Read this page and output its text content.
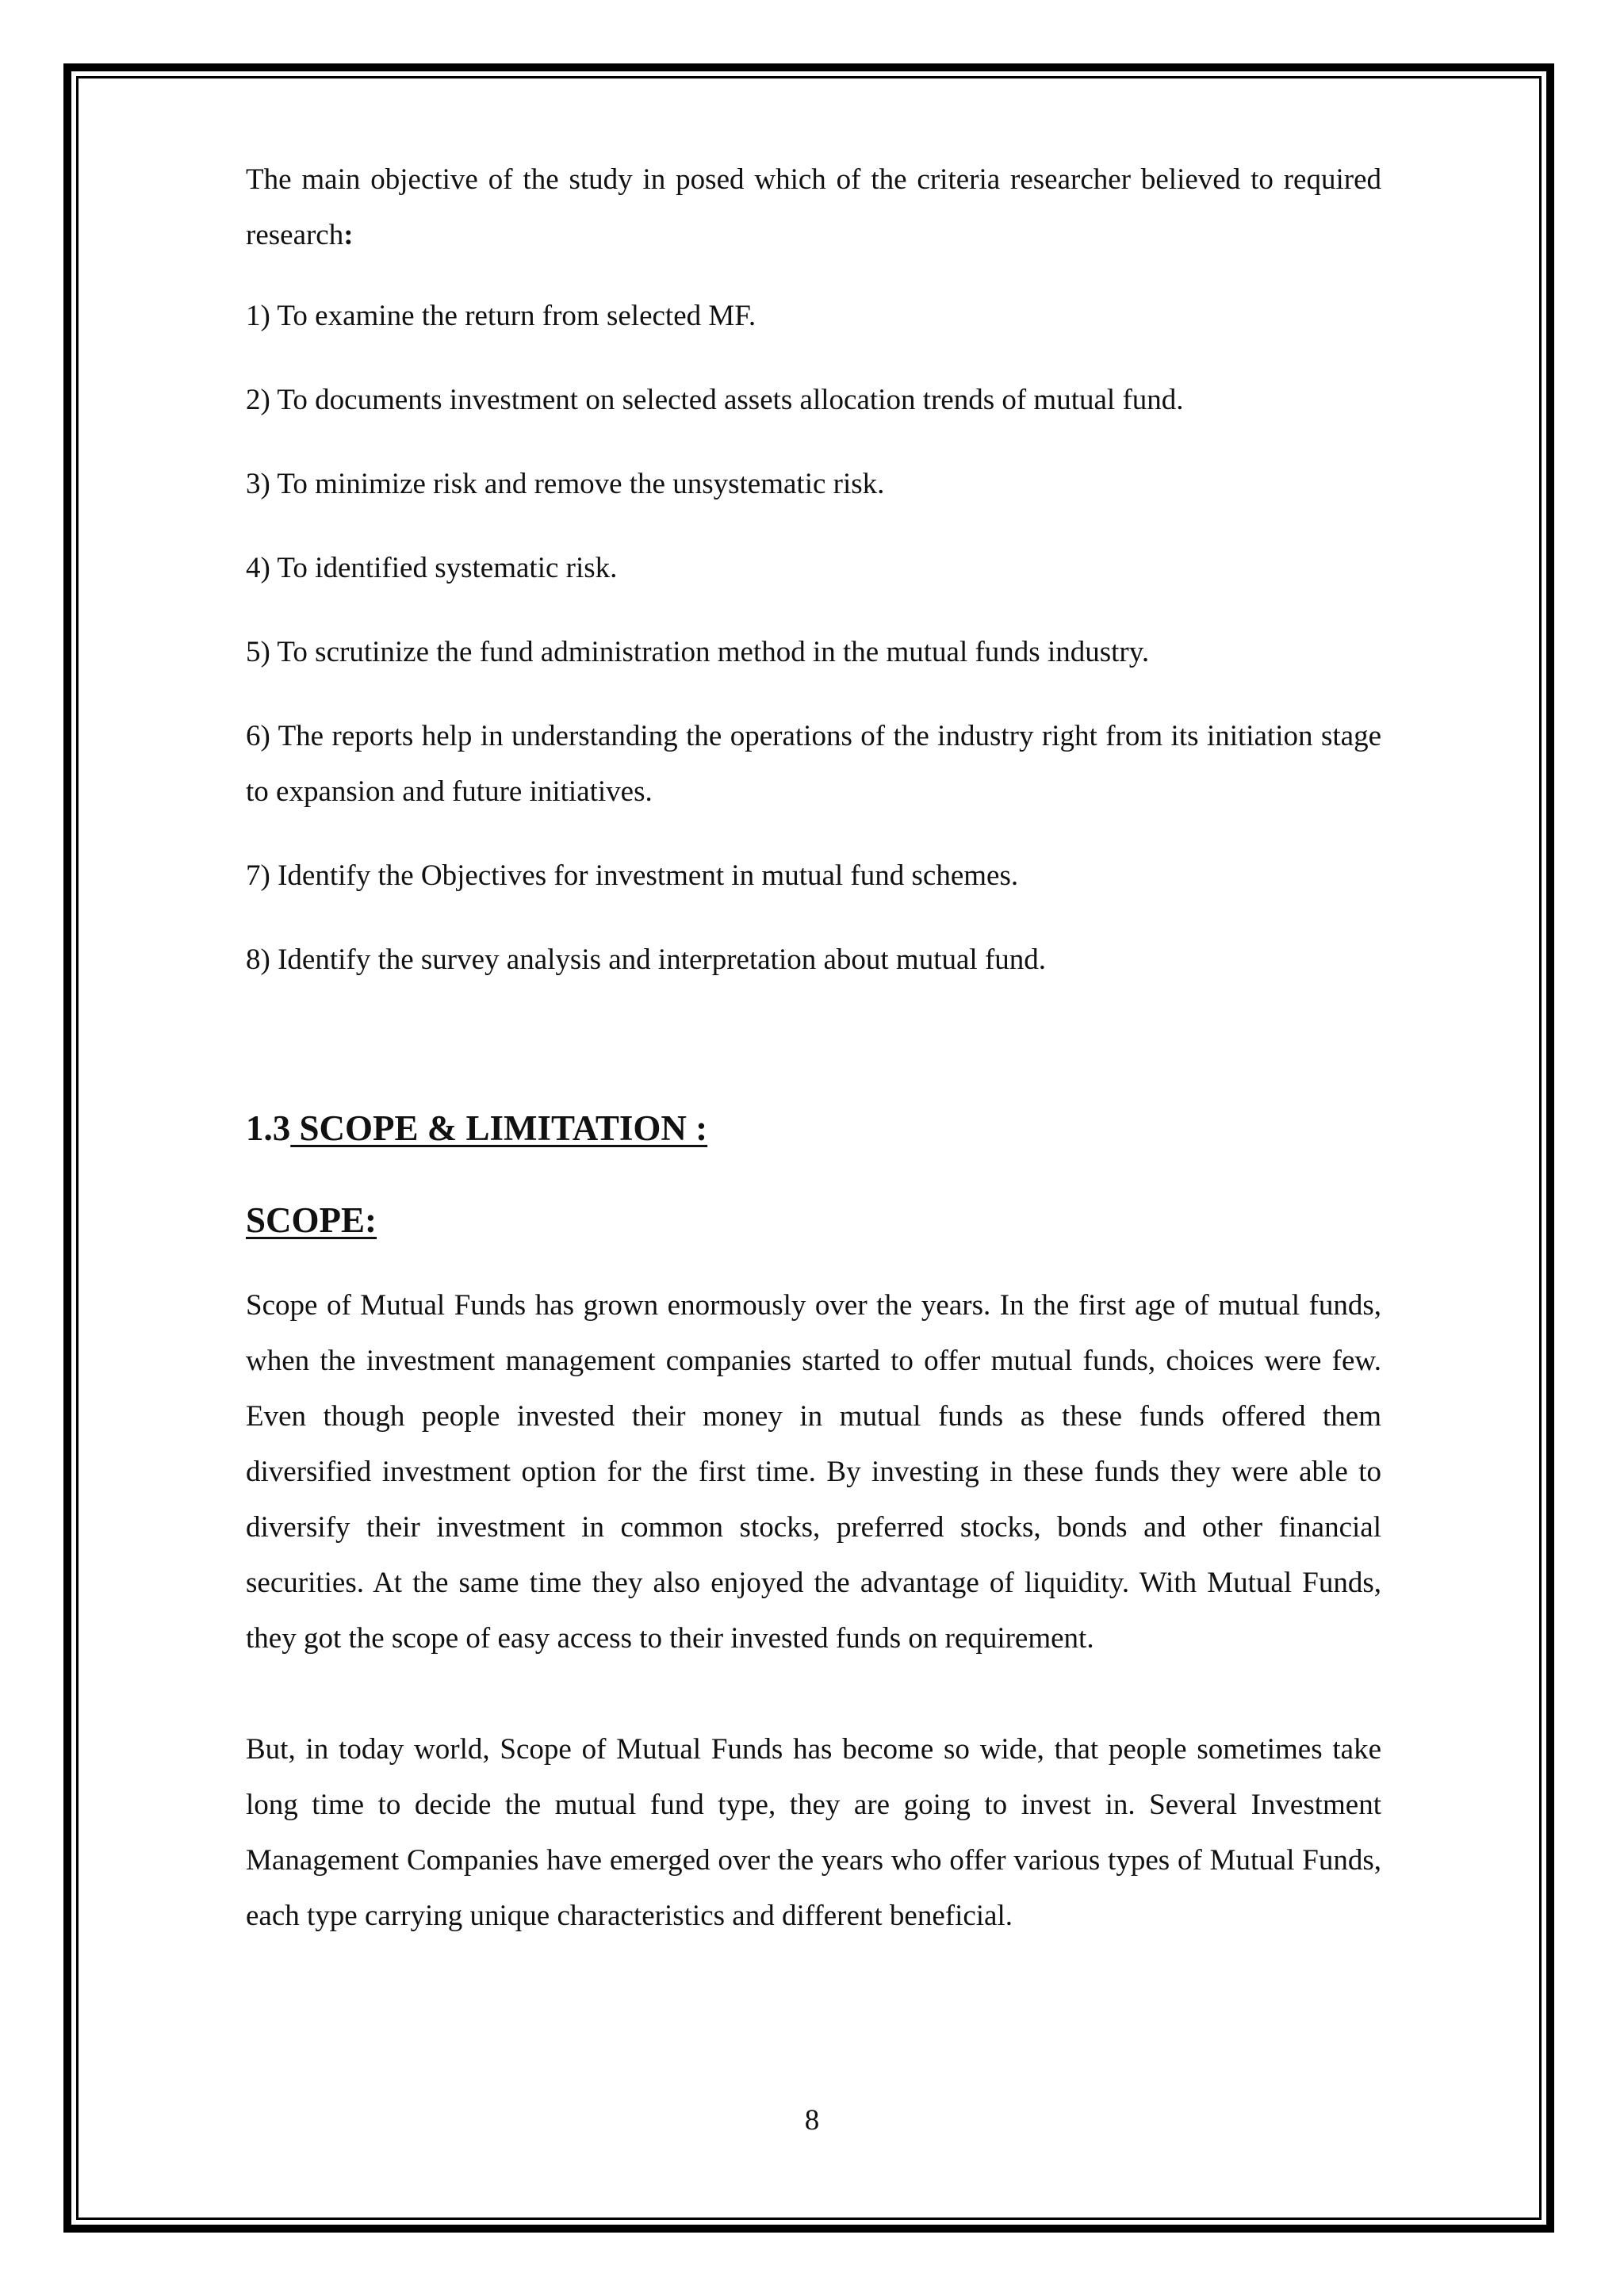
The main objective of the study in posed which of the criteria researcher believed to required research:

1) To examine the return from selected MF.

2) To documents investment on selected assets allocation trends of mutual fund.

3) To minimize risk and remove the unsystematic risk.

4) To identified systematic risk.

5) To scrutinize the fund administration method in the mutual funds industry.

6) The reports help in understanding the operations of the industry right from its initiation stage to expansion and future initiatives.

7) Identify the Objectives for investment in mutual fund schemes.

8) Identify the survey analysis and interpretation about mutual fund.

1.3 SCOPE & LIMITATION :
SCOPE:

Scope of Mutual Funds has grown enormously over the years. In the first age of mutual funds, when the investment management companies started to offer mutual funds, choices were few. Even though people invested their money in mutual funds as these funds offered them diversified investment option for the first time. By investing in these funds they were able to diversify their investment in common stocks, preferred stocks, bonds and other financial securities. At the same time they also enjoyed the advantage of liquidity. With Mutual Funds, they got the scope of easy access to their invested funds on requirement.

But, in today world, Scope of Mutual Funds has become so wide, that people sometimes take long time to decide the mutual fund type, they are going to invest in. Several Investment Management Companies have emerged over the years who offer various types of Mutual Funds, each type carrying unique characteristics and different beneficial.

8
